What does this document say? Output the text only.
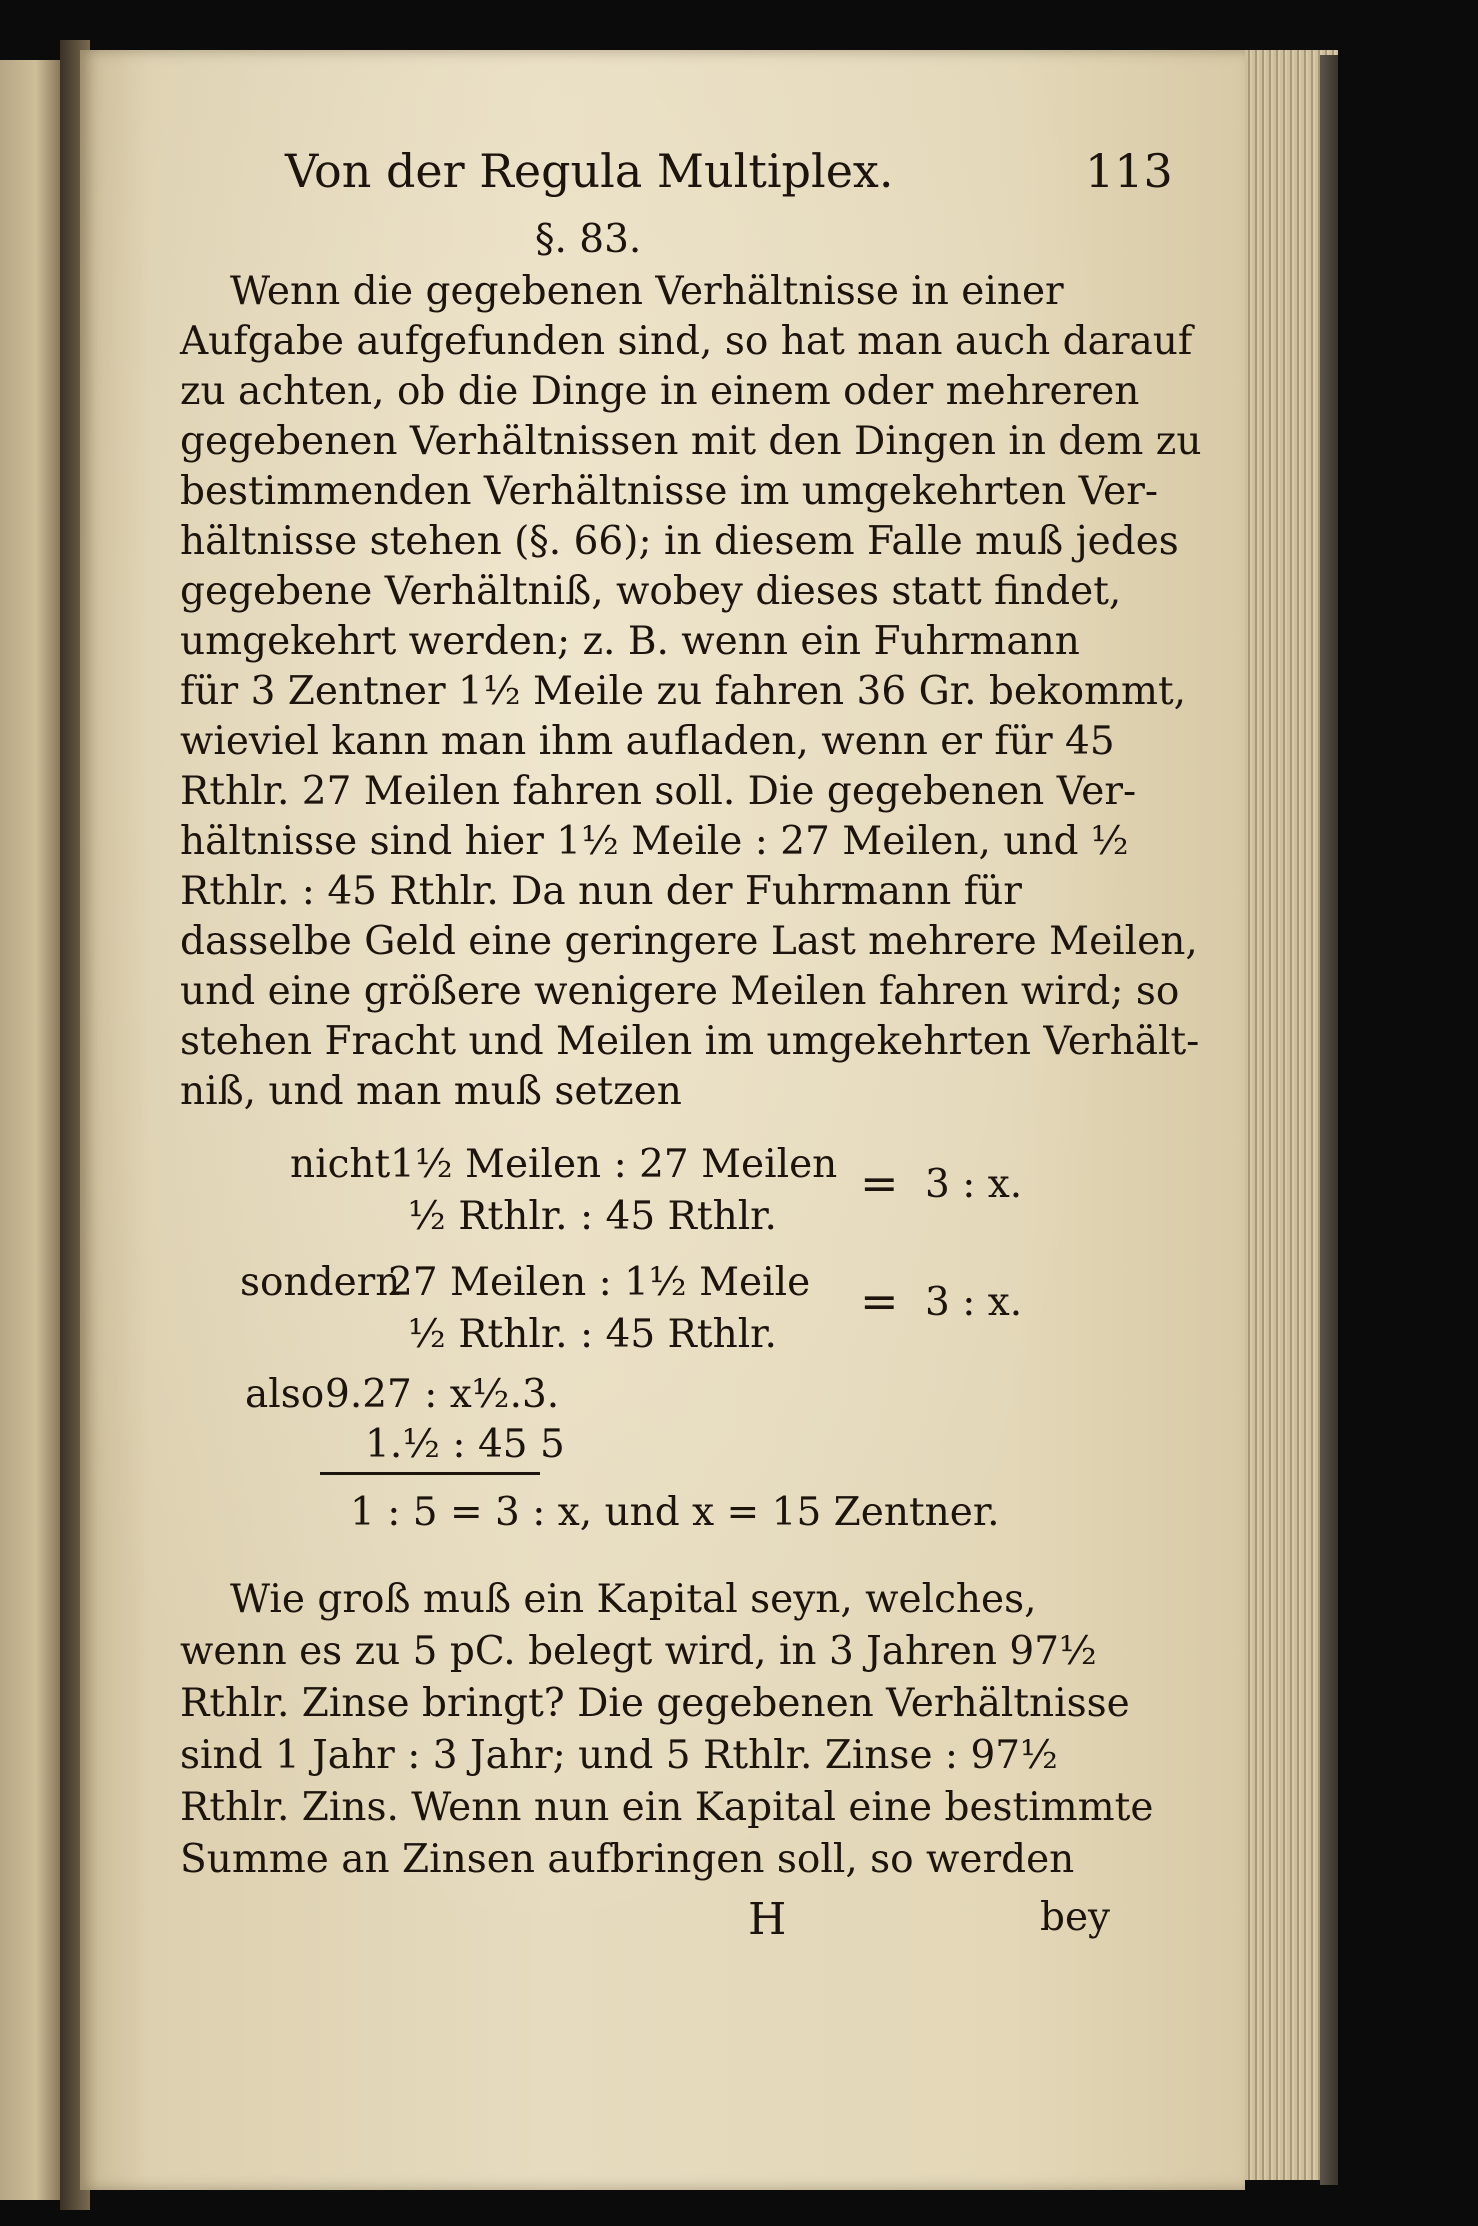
Von der Regula Multiplex.	113
§. 83.
Wenn die gegebenen Verhältnisse in einer
Aufgabe aufgefunden sind, so hat man auch darauf
zu achten, ob die Dinge in einem oder mehreren
gegebenen Verhältnissen mit den Dingen in dem zu
bestimmenden Verhältnisse im umgekehrten Ver-
hältnisse stehen (§. 66); in diesem Falle muß jedes
gegebene Verhältniß, wobey dieses statt findet,
umgekehrt werden; z. B. wenn ein Fuhrmann
für 3 Zentner 1½ Meile zu fahren 36 Gr. bekommt,
wieviel kann man ihm aufladen, wenn er für 45
Rthlr. 27 Meilen fahren soll. Die gegebenen Ver-
hältnisse sind hier 1½ Meile : 27 Meilen, und ½
Rthlr. : 45 Rthlr. Da nun der Fuhrmann für
dasselbe Geld eine geringere Last mehrere Meilen,
und eine größere wenigere Meilen fahren wird; so
stehen Fracht und Meilen im umgekehrten Verhält-
niß, und man muß setzen
nicht 1½ Meilen : 27 Meilen
½ Rthlr. : 45 Rthlr.
= 3 : x.
sondern
27 Meilen : 1½ Meile
½ Rthlr. : 45 Rthlr.
= 3 : x.
also 9.27 : x½.3.
1.½ : 45 5
1 : 5 = 3 : x, und x = 15 Zentner.
Wie groß muß ein Kapital seyn, welches,
wenn es zu 5 pC. belegt wird, in 3 Jahren 97½
Rthlr. Zinse bringt? Die gegebenen Verhältnisse
sind 1 Jahr : 3 Jahr; und 5 Rthlr. Zinse : 97½
Rthlr. Zins. Wenn nun ein Kapital eine bestimmte
Summe an Zinsen aufbringen soll, so werden
H	bey
